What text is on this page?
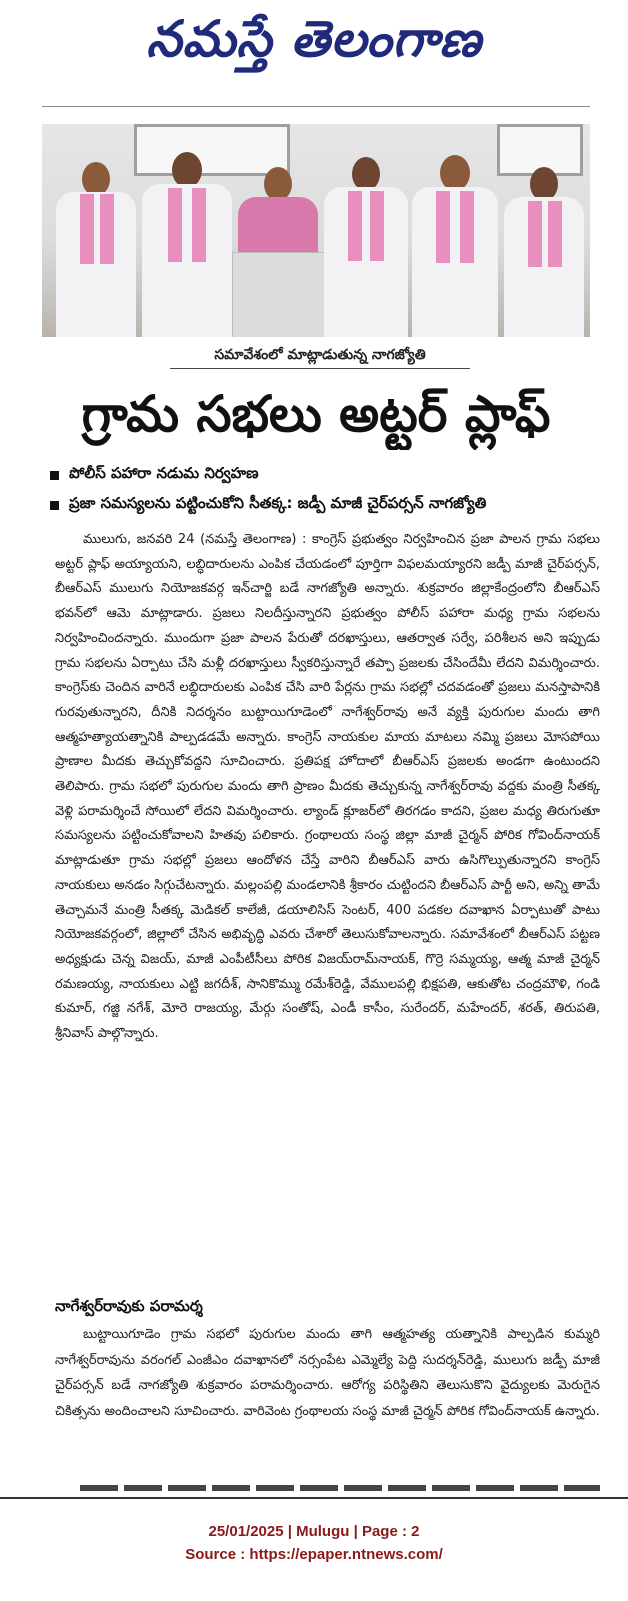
నమస్తే తెలంగాణ
సమావేశంలో మాట్లాడుతున్న నాగజ్యోతి
గ్రామ సభలు అట్టర్‌ ప్లాఫ్‌
పోలీస్‌ పహారా నడుమ నిర్వహణ
ప్రజా సమస్యలను పట్టించుకోని సీతక్క: జడ్పీ మాజీ చైర్‌పర్సన్‌ నాగజ్యోతి
ములుగు, జనవరి 24 (నమస్తే తెలంగాణ) : కాంగ్రెస్‌ ప్రభుత్వం నిర్వహించిన ప్రజా పాలన గ్రామ సభలు అట్టర్‌ ప్లాఫ్‌ అయ్యాయని, లబ్ధిదారులను ఎంపిక చేయడంలో పూర్తిగా విఫలమయ్యారని జడ్పీ మాజీ చైర్‌పర్సన్‌, బీఆర్‌ఎస్‌ ములుగు నియోజకవర్గ ఇన్‌చార్జి బడే నాగజ్యోతి అన్నారు. శుక్రవారం జిల్లాకేంద్రంలోని బీఆర్‌ఎస్‌ భవన్‌లో ఆమె మాట్లాడారు. ప్రజలు నిలదీస్తున్నారని ప్రభుత్వం పోలీస్‌ పహారా మధ్య గ్రామ సభలను నిర్వహించిందన్నారు. ముందుగా ప్రజా పాలన పేరుతో దరఖాస్తులు, ఆతర్వాత సర్వే, పరిశీలన అని ఇప్పుడు గ్రామ సభలను ఏర్పాటు చేసి మళ్లీ దరఖాస్తులు స్వీకరిస్తున్నారే తప్పా ప్రజలకు చేసిందేమీ లేదని విమర్శించారు. కాంగ్రెస్‌కు చెందిన వారినే లబ్ధిదారులకు ఎంపిక చేసి వారి పేర్లను గ్రామ సభల్లో చదవడంతో ప్రజలు మనస్తాపానికి గురవుతున్నారని, దీనికి నిదర్శనం బుట్టాయిగూడెంలో నాగేశ్వర్‌రావు అనే వ్యక్తి పురుగుల మందు తాగి ఆత్మహత్యాయత్నానికి పాల్పడడమే అన్నారు. కాంగ్రెస్‌ నాయకుల మాయ మాటలు నమ్మి ప్రజలు మోసపోయి ప్రాణాల మీదకు తెచ్చుకోవద్దని సూచించారు. ప్రతిపక్ష హోదాలో బీఆర్‌ఎస్‌ ప్రజలకు అండగా ఉంటుందని తెలిపారు. గ్రామ సభలో పురుగుల మందు తాగి ప్రాణం మీదకు తెచ్చుకున్న నాగేశ్వర్‌రావు వద్దకు మంత్రి సీతక్క వెళ్లి పరామర్శించే సోయిలో లేదని విమర్శించారు. ల్యాండ్‌ క్లూజర్‌లో తిరగడం కాదని, ప్రజల మధ్య తిరుగుతూ సమస్యలను పట్టించుకోవాలని హితవు పలికారు. గ్రంథాలయ సంస్థ జిల్లా మాజీ చైర్మన్‌ పోరిక గోవింద్‌నాయక్‌ మాట్లాడుతూ గ్రామ సభల్లో ప్రజలు ఆందోళన చేస్తే వారిని బీఆర్‌ఎస్‌ వారు ఉసిగొల్పుతున్నారని కాంగ్రెస్‌ నాయకులు అనడం సిగ్గుచేటన్నారు. మల్లంపల్లి మండలానికి శ్రీకారం చుట్టిందని బీఆర్‌ఎస్‌ పార్టీ అని, అన్ని తామే తెచ్చామనే మంత్రి సీతక్క మెడికల్‌ కాలేజీ, డయాలిసిస్‌ సెంటర్‌, 400 పడకల దవాఖాన ఏర్పాటుతో పాటు నియోజకవర్గంలో, జిల్లాలో చేసిన అభివృద్ధి ఎవరు చేశారో తెలుసుకోవాలన్నారు. సమావేశంలో బీఆర్‌ఎస్‌ పట్టణ అధ్యక్షుడు చెన్న విజయ్‌, మాజీ ఎంపీటీసీలు పోరిక విజయ్‌రామ్‌నాయక్‌, గొర్రె సమ్మయ్య, ఆత్మ మాజీ చైర్మన్‌ రమణయ్య, నాయకులు ఎట్టి జగదీశ్‌, సానికొమ్ము రమేశ్‌రెడ్డి, వేములపల్లి భిక్షపతి, ఆకుతోట చంద్రమౌళి, గండి కుమార్‌, గజ్జి నగేశ్‌, మోరె రాజయ్య, మేర్గు సంతోష్‌, ఎండీ కాసీం, సురేందర్‌, మహేందర్‌, శరత్‌, తిరుపతి, శ్రీనివాస్‌ పాల్గొన్నారు.
నాగేశ్వర్‌రావుకు పరామర్శ
బుట్టాయిగూడెం గ్రామ సభలో పురుగుల మందు తాగి ఆత్మహత్య యత్నానికి పాల్పడిన కుమ్మరి నాగేశ్వర్‌రావును వరంగల్‌ ఎంజీఎం దవాఖానలో నర్సంపేట ఎమ్మెల్యే పెద్ది సుదర్శన్‌రెడ్డి, ములుగు జడ్పీ మాజీ చైర్‌పర్సన్‌ బడే నాగజ్యోతి శుక్రవారం పరామర్శించారు. ఆరోగ్య పరిస్థితిని తెలుసుకొని వైద్యులకు మెరుగైన చికిత్సను అందించాలని సూచించారు. వారివెంట గ్రంథాలయ సంస్థ మాజీ చైర్మన్‌ పోరిక గోవింద్‌నాయక్‌ ఉన్నారు.
25/01/2025 | Mulugu | Page : 2
Source : https://epaper.ntnews.com/
